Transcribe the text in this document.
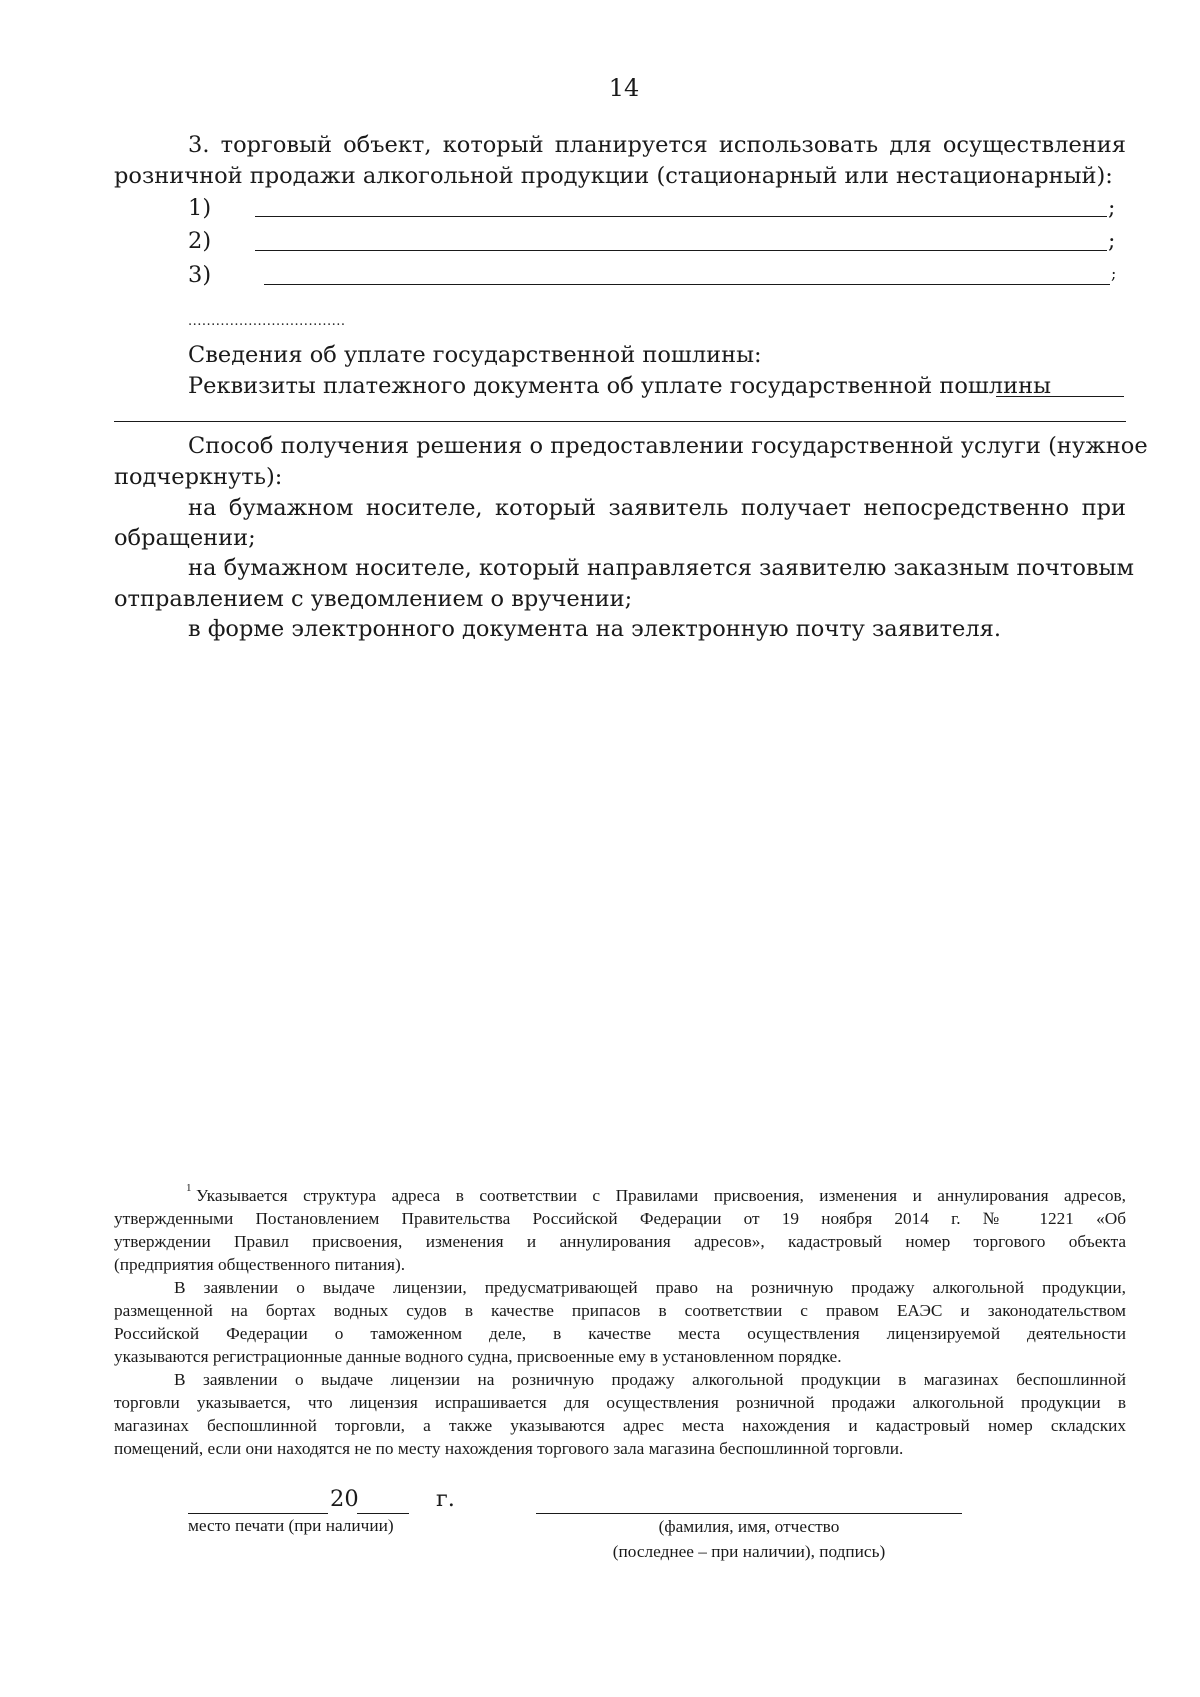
14
3. торговый объект, который планируется использовать для осуществления
розничной продажи алкогольной продукции (стационарный или нестационарный):
1)	;
2)	;
3)	;
..................................
Сведения об уплате государственной пошлины:
Реквизиты платежного документа об уплате государственной пошлины
Способ получения решения о предоставлении государственной услуги (нужное
подчеркнуть):
на бумажном носителе, который заявитель получает непосредственно при
обращении;
на бумажном носителе, который направляется заявителю заказным почтовым
отправлением с уведомлением о вручении;
в форме электронного документа на электронную почту заявителя.
1 Указывается структура адреса в соответствии с Правилами присвоения, изменения и аннулирования адресов,
утвержденными Постановлением Правительства Российской Федерации от 19 ноября 2014 г. № 1221 «Об
утверждении Правил присвоения, изменения и аннулирования адресов», кадастровый номер торгового объекта
(предприятия общественного питания).
В заявлении о выдаче лицензии, предусматривающей право на розничную продажу алкогольной продукции,
размещенной на бортах водных судов в качестве припасов в соответствии с правом ЕАЭС и законодательством
Российской Федерации о таможенном деле, в качестве места осуществления лицензируемой деятельности
указываются регистрационные данные водного судна, присвоенные ему в установленном порядке.
В заявлении о выдаче лицензии на розничную продажу алкогольной продукции в магазинах беспошлинной
торговли указывается, что лицензия испрашивается для осуществления розничной продажи алкогольной продукции в
магазинах беспошлинной торговли, а также указываются адрес места нахождения и кадастровый номер складских
помещений, если они находятся не по месту нахождения торгового зала магазина беспошлинной торговли.
20	г.
место печати (при наличии)	(фамилия, имя, отчество
(последнее – при наличии), подпись)
